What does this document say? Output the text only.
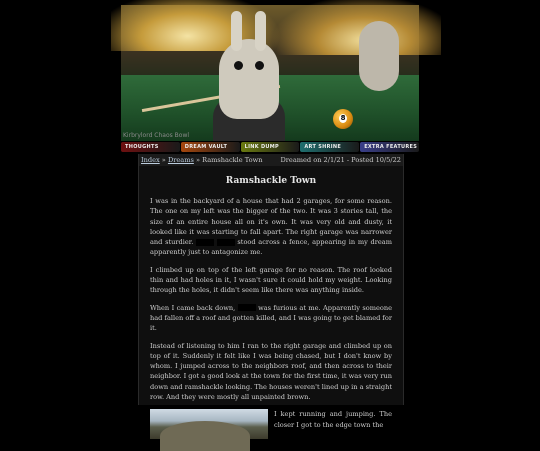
8
Kirbrylord Chaos Bowl
THOUGHTS	DREAM VAULT	LINK DUMP	ART SHRINE	EXTRA FEATURES
Index » Dreams » Ramshackle Town	Dreamed on 2/1/21 - Posted 10/5/22
Ramshackle Town

I was in the backyard of a house that had 2 garages, for some reason. The one on my left was the bigger of the two. It was 3 stories tall, the size of an entire house all on it's own. It was very old and dusty, it looked like it was starting to fall apart. The right garage was narrower and sturdier.	stood across a fence, appearing in my dream apparently just to antagonize me.

I climbed up on top of the left garage for no reason. The roof looked thin and had holes in it, I wasn't sure it could hold my weight. Looking through the holes, it didn't seem like there was anything inside.

When I came back down,	was furious at me. Apparently someone had fallen off a roof and gotten killed, and I was going to get blamed for it.

Instead of listening to him I ran to the right garage and climbed up on top of it. Suddenly it felt like I was being chased, but I don't know by whom. I jumped across to the neighbors roof, and then across to their neighbor. I got a good look at the town for the first time, it was very run down and ramshackle looking. The houses weren't lined up in a straight row. And they were mostly all unpainted brown.

I kept running and jumping. The closer I got to the edge town the
